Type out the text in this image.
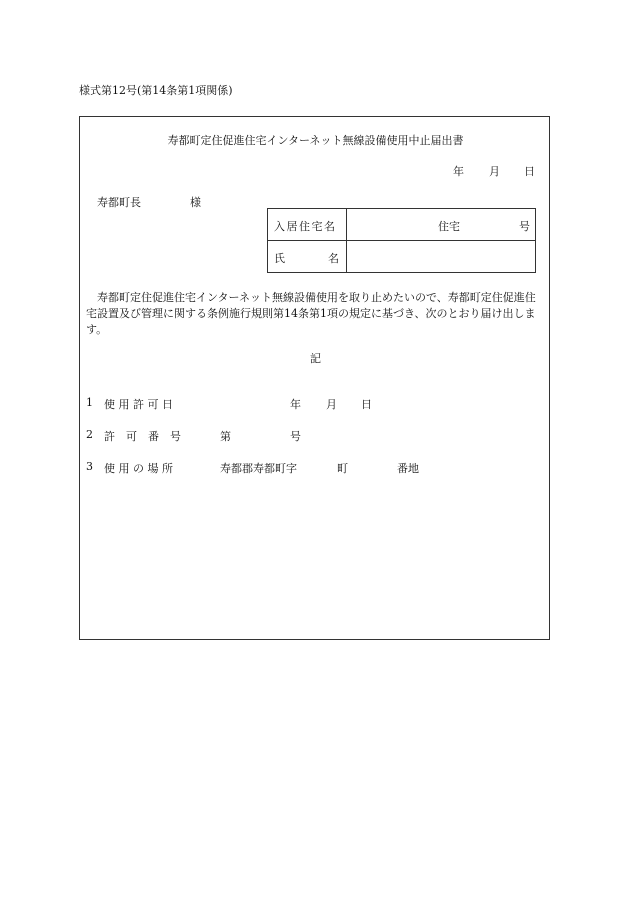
様式第12号(第14条第1項関係)
寿都町定住促進住宅インターネット無線設備使用中止届出書
年 月 日
寿都町長	様
入居住宅名	住宅 号

氏 名	

寿都町定住促進住宅インターネット無線設備使用を取り止めたいので、寿都町定住促進住宅設置及び管理に関する条例施行規則第14条第1項の規定に基づき、次のとおり届け出します。
記
1 使 用 許 可 日	年 月 日
2 許　可　番　号	第	号
3 使 用 の 場 所	寿都郡寿都町字	町	番地
